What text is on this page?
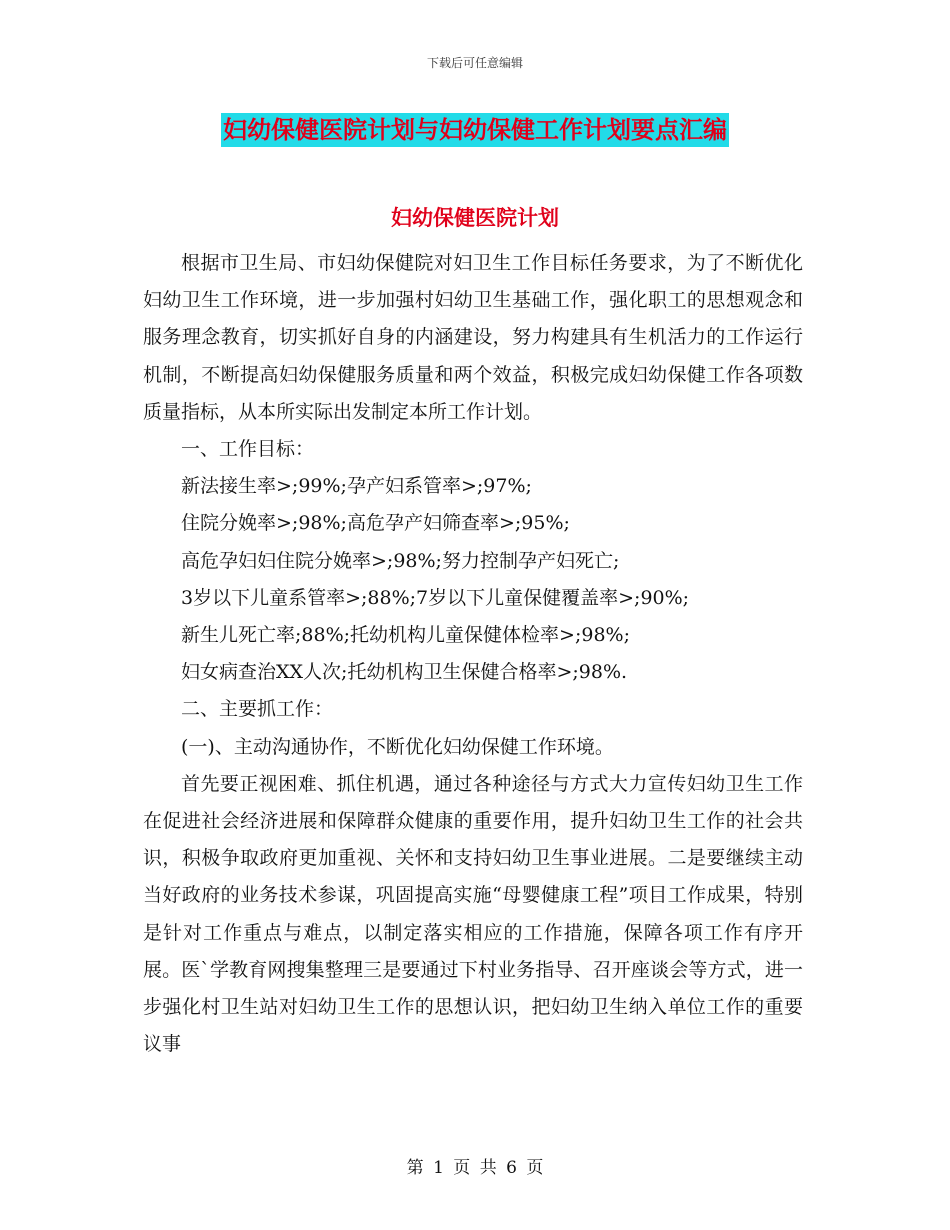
下载后可任意编辑
妇幼保健医院计划与妇幼保健工作计划要点汇编
妇幼保健医院计划

根据市卫生局、市妇幼保健院对妇卫生工作目标任务要求，为了不断优化妇幼卫生工作环境，进一步加强村妇幼卫生基础工作，强化职工的思想观念和服务理念教育，切实抓好自身的内涵建设，努力构建具有生机活力的工作运行机制，不断提高妇幼保健服务质量和两个效益，积极完成妇幼保健工作各项数质量指标，从本所实际出发制定本所工作计划。

一、工作目标：

新法接生率>;99%;孕产妇系管率>;97%;

住院分娩率>;98%;高危孕产妇筛查率>;95%;

高危孕妇妇住院分娩率>;98%;努力控制孕产妇死亡;

3岁以下儿童系管率>;88%;7岁以下儿童保健覆盖率>;90%;

新生儿死亡率;88%;托幼机构儿童保健体检率>;98%;

妇女病查治XX人次;托幼机构卫生保健合格率>;98%.

二、主要抓工作：

(一)、主动沟通协作，不断优化妇幼保健工作环境。

首先要正视困难、抓住机遇，通过各种途径与方式大力宣传妇幼卫生工作在促进社会经济进展和保障群众健康的重要作用，提升妇幼卫生工作的社会共识，积极争取政府更加重视、关怀和支持妇幼卫生事业进展。二是要继续主动当好政府的业务技术参谋，巩固提高实施“母婴健康工程”项目工作成果，特别是针对工作重点与难点，以制定落实相应的工作措施，保障各项工作有序开展。医`学教育网搜集整理三是要通过下村业务指导、召开座谈会等方式，进一步强化村卫生站对妇幼卫生工作的思想认识，把妇幼卫生纳入单位工作的重要议事

第 1 页 共 6 页
